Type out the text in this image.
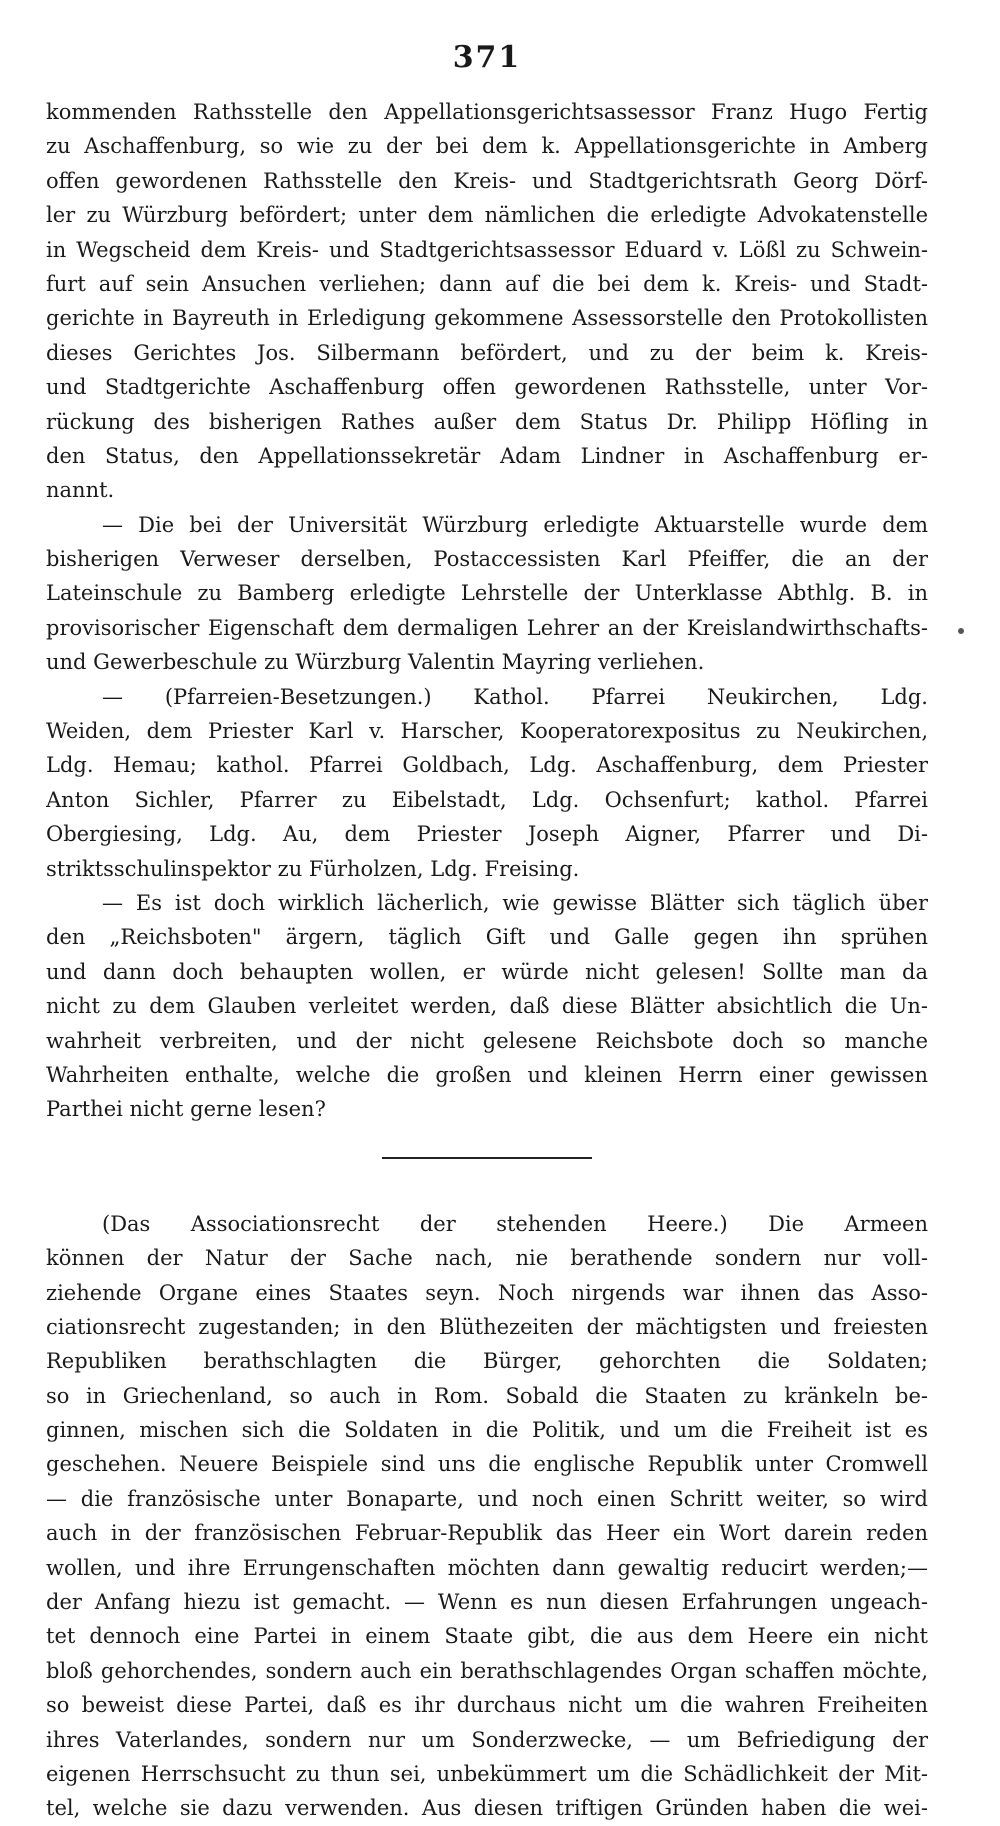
371
kommenden Rathsstelle den Appellationsgerichtsassessor Franz Hugo Fertig
zu Aschaffenburg, so wie zu der bei dem k. Appellationsgerichte in Amberg
offen gewordenen Rathsstelle den Kreis- und Stadtgerichtsrath Georg Dörf-
ler zu Würzburg befördert; unter dem nämlichen die erledigte Advokatenstelle
in Wegscheid dem Kreis- und Stadtgerichtsassessor Eduard v. Lößl zu Schwein-
furt auf sein Ansuchen verliehen; dann auf die bei dem k. Kreis- und Stadt-
gerichte in Bayreuth in Erledigung gekommene Assessorstelle den Protokollisten
dieses Gerichtes Jos. Silbermann befördert, und zu der beim k. Kreis-
und Stadtgerichte Aschaffenburg offen gewordenen Rathsstelle, unter Vor-
rückung des bisherigen Rathes außer dem Status Dr. Philipp Höfling in
den Status, den Appellationssekretär Adam Lindner in Aschaffenburg er-
nannt.
— Die bei der Universität Würzburg erledigte Aktuarstelle wurde dem
bisherigen Verweser derselben, Postaccessisten Karl Pfeiffer, die an der
Lateinschule zu Bamberg erledigte Lehrstelle der Unterklasse Abthlg. B. in
provisorischer Eigenschaft dem dermaligen Lehrer an der Kreislandwirthschafts-
und Gewerbeschule zu Würzburg Valentin Mayring verliehen.
— (Pfarreien-Besetzungen.) Kathol. Pfarrei Neukirchen, Ldg.
Weiden, dem Priester Karl v. Harscher, Kooperatorexpositus zu Neukirchen,
Ldg. Hemau; kathol. Pfarrei Goldbach, Ldg. Aschaffenburg, dem Priester
Anton Sichler, Pfarrer zu Eibelstadt, Ldg. Ochsenfurt; kathol. Pfarrei
Obergiesing, Ldg. Au, dem Priester Joseph Aigner, Pfarrer und Di-
striktsschulinspektor zu Fürholzen, Ldg. Freising.
— Es ist doch wirklich lächerlich, wie gewisse Blätter sich täglich über
den „Reichsboten" ärgern, täglich Gift und Galle gegen ihn sprühen
und dann doch behaupten wollen, er würde nicht gelesen! Sollte man da
nicht zu dem Glauben verleitet werden, daß diese Blätter absichtlich die Un-
wahrheit verbreiten, und der nicht gelesene Reichsbote doch so manche
Wahrheiten enthalte, welche die großen und kleinen Herrn einer gewissen
Parthei nicht gerne lesen?
(Das Associationsrecht der stehenden Heere.) Die Armeen
können der Natur der Sache nach, nie berathende sondern nur voll-
ziehende Organe eines Staates seyn. Noch nirgends war ihnen das Asso-
ciationsrecht zugestanden; in den Blüthezeiten der mächtigsten und freiesten
Republiken berathschlagten die Bürger, gehorchten die Soldaten;
so in Griechenland, so auch in Rom. Sobald die Staaten zu kränkeln be-
ginnen, mischen sich die Soldaten in die Politik, und um die Freiheit ist es
geschehen. Neuere Beispiele sind uns die englische Republik unter Cromwell
— die französische unter Bonaparte, und noch einen Schritt weiter, so wird
auch in der französischen Februar-Republik das Heer ein Wort darein reden
wollen, und ihre Errungenschaften möchten dann gewaltig reducirt werden;—
der Anfang hiezu ist gemacht. — Wenn es nun diesen Erfahrungen ungeach-
tet dennoch eine Partei in einem Staate gibt, die aus dem Heere ein nicht
bloß gehorchendes, sondern auch ein berathschlagendes Organ schaffen möchte,
so beweist diese Partei, daß es ihr durchaus nicht um die wahren Freiheiten
ihres Vaterlandes, sondern nur um Sonderzwecke, — um Befriedigung der
eigenen Herrschsucht zu thun sei, unbekümmert um die Schädlichkeit der Mit-
tel, welche sie dazu verwenden. Aus diesen triftigen Gründen haben die wei-
